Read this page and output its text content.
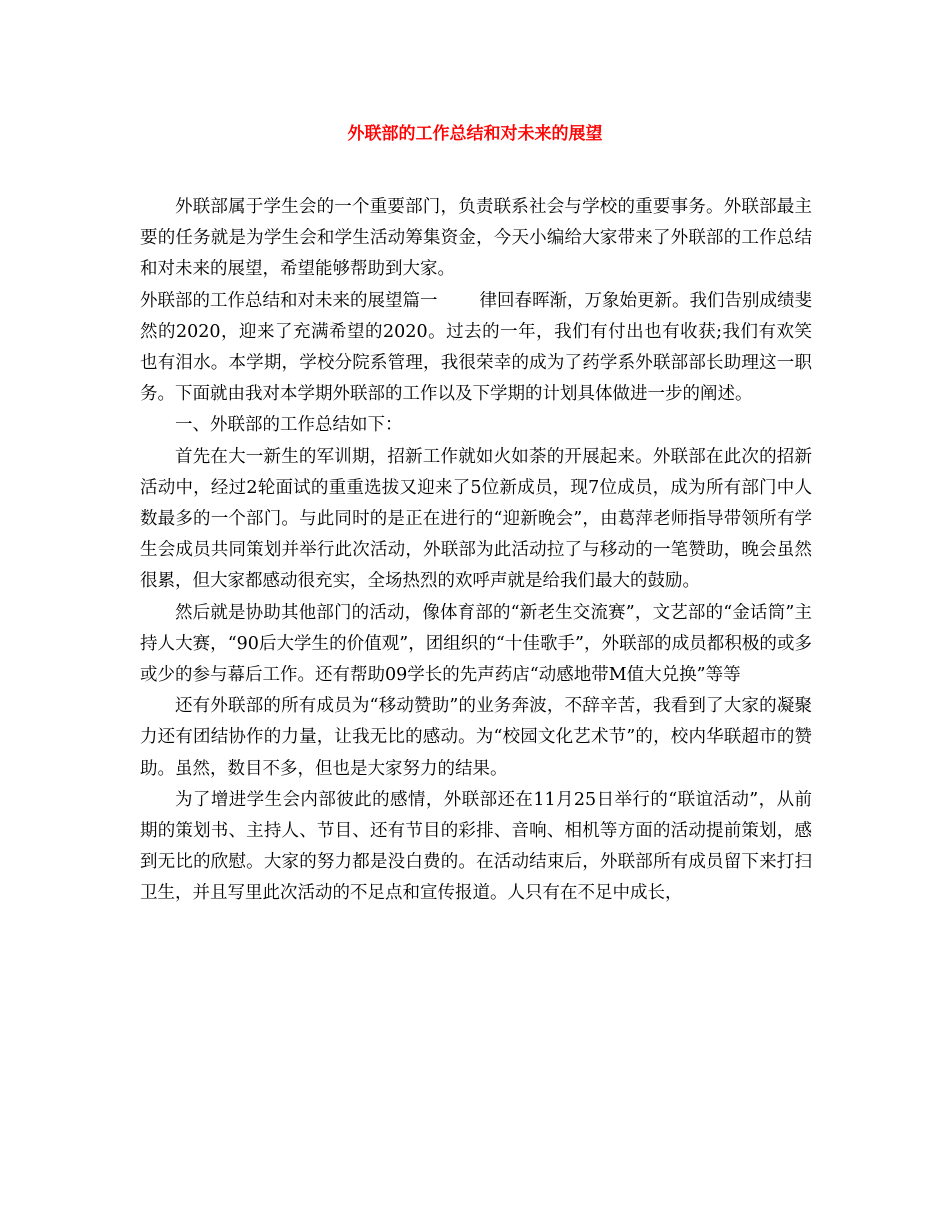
外联部的工作总结和对未来的展望

外联部属于学生会的一个重要部门，负责联系社会与学校的重要事务。外联部最主要的任务就是为学生会和学生活动筹集资金，今天小编给大家带来了外联部的工作总结和对未来的展望，希望能够帮助到大家。

外联部的工作总结和对未来的展望篇一 律回春晖渐，万象始更新。我们告别成绩斐然的2020，迎来了充满希望的2020。过去的一年，我们有付出也有收获;我们有欢笑也有泪水。本学期，学校分院系管理，我很荣幸的成为了药学系外联部部长助理这一职务。下面就由我对本学期外联部的工作以及下学期的计划具体做进一步的阐述。

一、外联部的工作总结如下：

首先在大一新生的军训期，招新工作就如火如荼的开展起来。外联部在此次的招新活动中，经过2轮面试的重重选拔又迎来了5位新成员，现7位成员，成为所有部门中人数最多的一个部门。与此同时的是正在进行的“迎新晚会”，由葛萍老师指导带领所有学生会成员共同策划并举行此次活动，外联部为此活动拉了与移动的一笔赞助，晚会虽然很累，但大家都感动很充实，全场热烈的欢呼声就是给我们最大的鼓励。

然后就是协助其他部门的活动，像体育部的“新老生交流赛”，文艺部的“金话筒”主持人大赛，“90后大学生的价值观”，团组织的“十佳歌手”，外联部的成员都积极的或多或少的参与幕后工作。还有帮助09学长的先声药店“动感地带M值大兑换”等等

还有外联部的所有成员为“移动赞助”的业务奔波，不辞辛苦，我看到了大家的凝聚力还有团结协作的力量，让我无比的感动。为“校园文化艺术节”的，校内华联超市的赞助。虽然，数目不多，但也是大家努力的结果。

为了增进学生会内部彼此的感情，外联部还在11月25日举行的“联谊活动”，从前期的策划书、主持人、节目、还有节目的彩排、音响、相机等方面的活动提前策划，感到无比的欣慰。大家的努力都是没白费的。在活动结束后，外联部所有成员留下来打扫卫生，并且写里此次活动的不足点和宣传报道。人只有在不足中成长，
